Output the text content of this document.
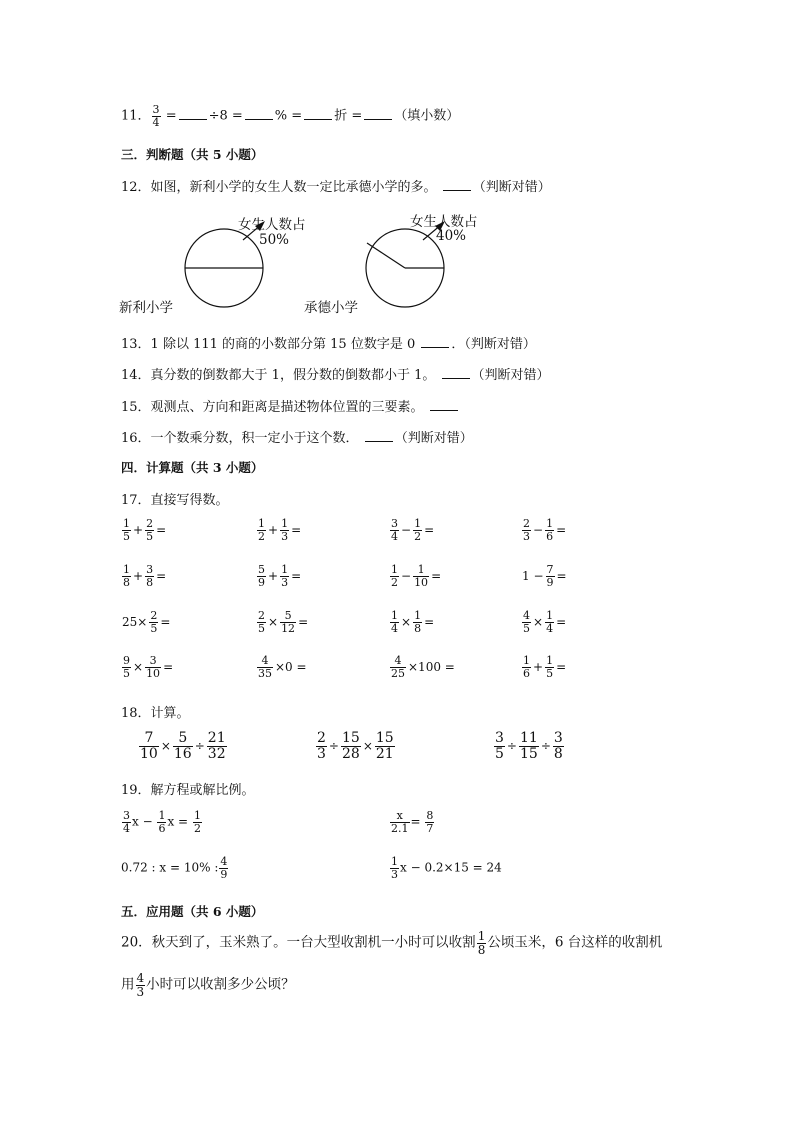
11． $\frac{3}{4} = \div 8$ = % = 折 = （填小数）
三．判断题（共 5 小题）
12．如图，新利小学的女生人数一定比承德小学的多。	（判断对错）
女生人数占
50%
新利小学
女生人数占
40%
承德小学
13．1 除以 111 的商的小数部分第 15 位数字是 0	．（判断对错）
14．真分数的倒数都大于 1，假分数的倒数都小于 1。	（判断对错）
15．观测点、方向和距离是描述物体位置的三要素。
16．一个数乘分数，积一定小于这个数．	（判断对错）
四．计算题（共 3 小题）
17．直接写得数。
18．计算。
19．解方程或解比例。
$\frac{3}{4}$ $x - \frac{1}{6}$ $x = \frac{1}{2}$	$\frac{x}{2.1} = \frac{8}{7}$
0.72 : x = 10% : $\frac{4}{9}$	$\frac{1}{3}$ x − 0.2×15 = 24
五．应用题（共 6 小题）
20．秋天到了，玉米熟了。一台大型收割机一小时可以收割 $\frac{1}{8}$ 公顷玉米，6 台这样的收割机
用 $\frac{4}{3}$ 小时可以收割多少公顷？
$\frac{1}{5} + \frac{2}{5}$ =	$\frac{1}{2} + \frac{1}{3}$ =	$\frac{3}{4} - \frac{1}{2}$ =	$\frac{2}{3} - \frac{1}{6}$ =
$\frac{1}{8} + \frac{3}{8}$ =	$\frac{5}{9} + \frac{1}{3}$ =	$\frac{1}{2} - \frac{1}{10}$ =	$1 - \frac{7}{9}$ =
$25\times \frac{2}{5}$ =	$\frac{2}{5} \times \frac{5}{12}$ =	$\frac{1}{4} \times \frac{1}{8}$ =	$\frac{4}{5} \times \frac{1}{4}$ =
$\frac{9}{5} \times \frac{3}{10}$ =	$\frac{4}{35} \times 0$ =	$\frac{4}{25} \times 100$ =	$\frac{1}{6} + \frac{1}{5}$ =
$\frac{7}{10} \times \frac{5}{16} \div \frac{21}{32}$	$\frac{2}{3} \div \frac{15}{28} \times \frac{15}{21}$	$\frac{3}{5} \div \frac{11}{15} \div \frac{3}{8}$
